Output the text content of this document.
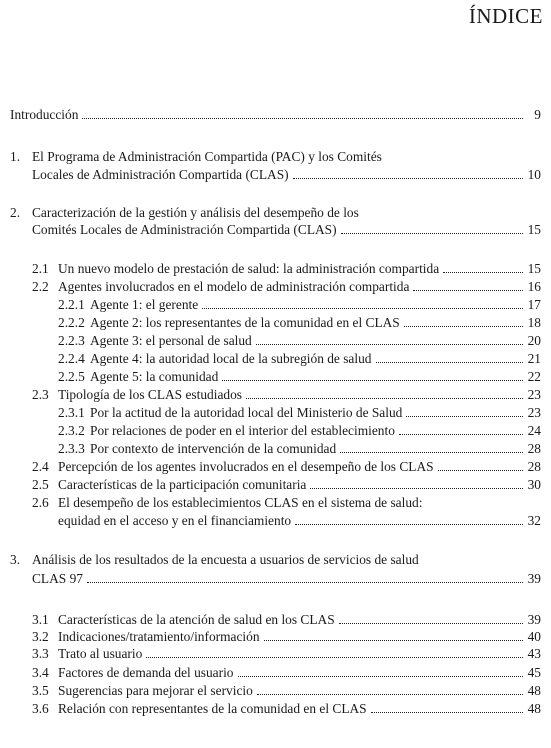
ÍNDICE
Introducción	9
1. El Programa de Administración Compartida (PAC) y los Comités
Locales de Administración Compartida (CLAS)	10
2. Caracterización de la gestión y análisis del desempeño de los
Comités Locales de Administración Compartida (CLAS)	15
2.1 Un nuevo modelo de prestación de salud: la administración compartida	15
2.2 Agentes involucrados en el modelo de administración compartida	16
2.2.1 Agente 1: el gerente	17
2.2.2 Agente 2: los representantes de la comunidad en el CLAS	18
2.2.3 Agente 3: el personal de salud	20
2.2.4 Agente 4: la autoridad local de la subregión de salud	21
2.2.5 Agente 5: la comunidad	22
2.3 Tipología de los CLAS estudiados	23
2.3.1 Por la actitud de la autoridad local del Ministerio de Salud	23
2.3.2 Por relaciones de poder en el interior del establecimiento	24
2.3.3 Por contexto de intervención de la comunidad	28
2.4 Percepción de los agentes involucrados en el desempeño de los CLAS	28
2.5 Características de la participación comunitaria	30
2.6 El desempeño de los establecimientos CLAS en el sistema de salud:
equidad en el acceso y en el financiamiento	32
3. Análisis de los resultados de la encuesta a usuarios de servicios de salud
CLAS 97	39
3.1 Características de la atención de salud en los CLAS	39
3.2 Indicaciones/tratamiento/información	40
3.3 Trato al usuario	43
3.4 Factores de demanda del usuario	45
3.5 Sugerencias para mejorar el servicio	48
3.6 Relación con representantes de la comunidad en el CLAS	48
